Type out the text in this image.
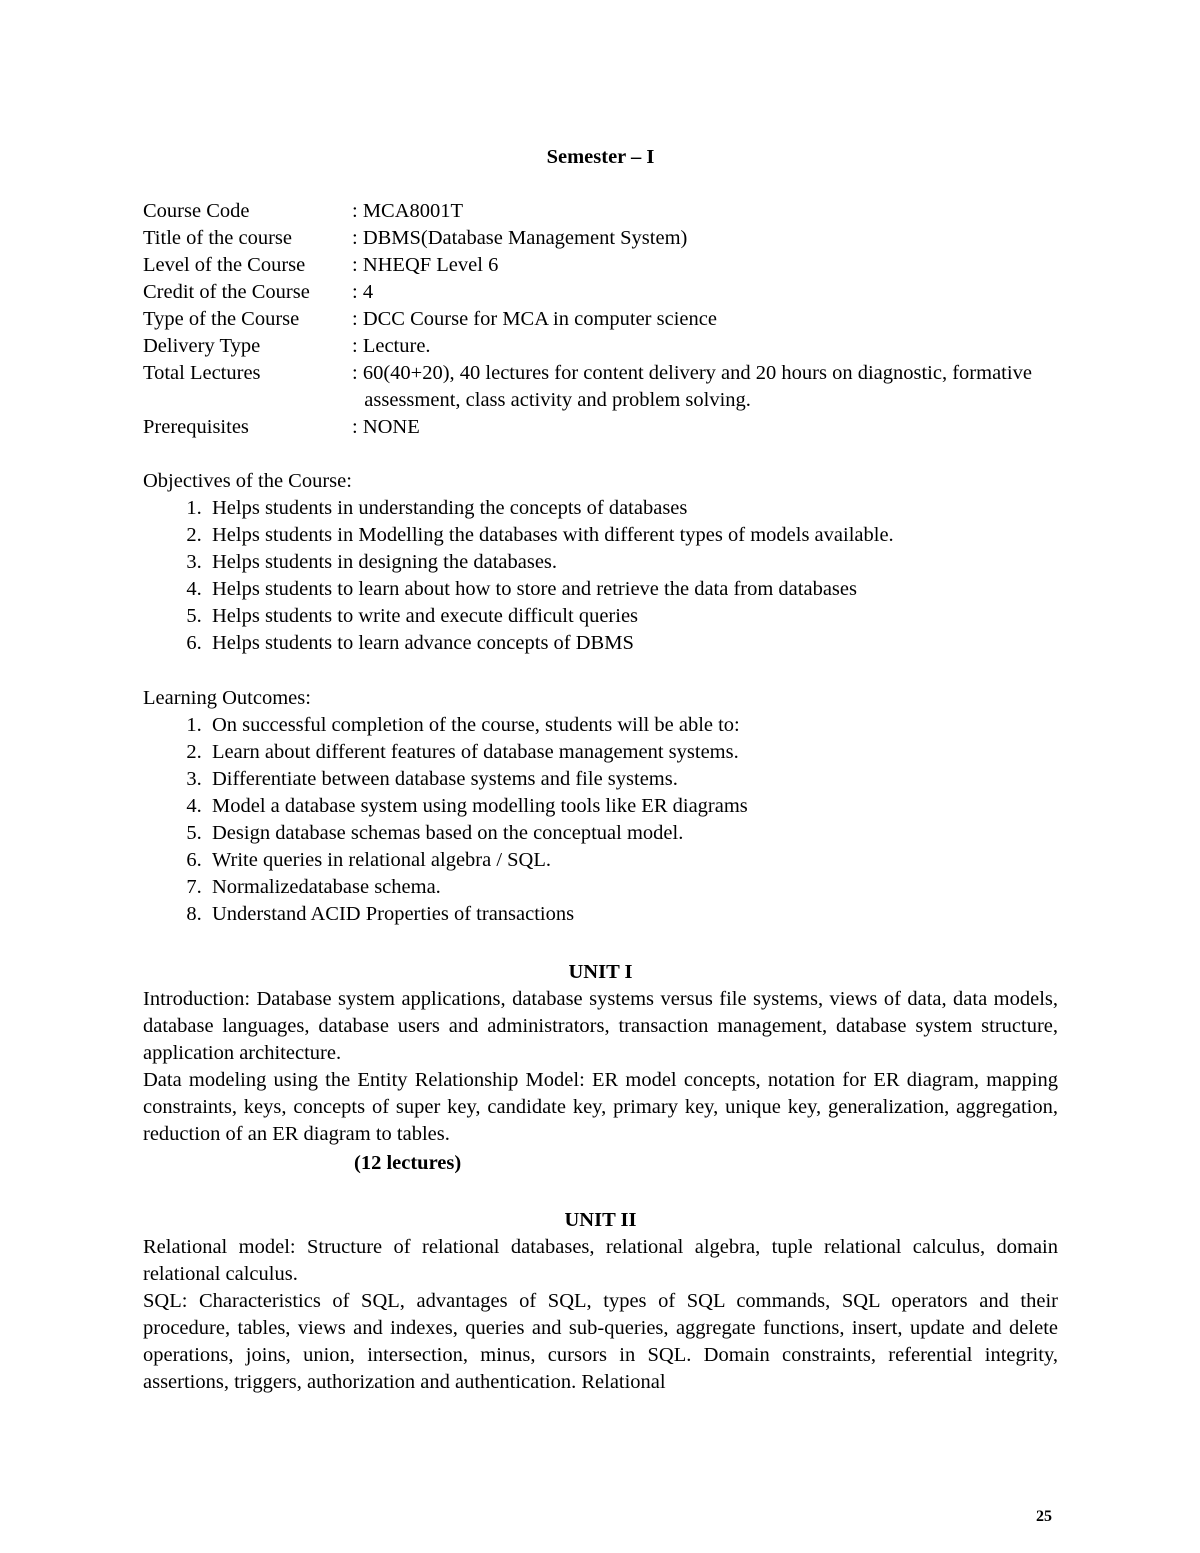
Semester – I
Course Code	: MCA8001T
Title of the course	: DBMS(Database Management System)
Level of the Course	: NHEQF Level 6
Credit of the Course	: 4
Type of the Course	: DCC Course for MCA in computer science
Delivery Type	: Lecture.
Total Lectures	: 60(40+20), 40 lectures for content delivery and 20 hours on diagnostic, formative assessment, class activity and problem solving.
Prerequisites	: NONE
Objectives of the Course:
1. Helps students in understanding the concepts of databases
2. Helps students in Modelling the databases with different types of models available.
3. Helps students in designing the databases.
4. Helps students to learn about how to store and retrieve the data from databases
5. Helps students to write and execute difficult queries
6. Helps students to learn advance concepts of DBMS
Learning Outcomes:
1. On successful completion of the course, students will be able to:
2. Learn about different features of database management systems.
3. Differentiate between database systems and file systems.
4. Model a database system using modelling tools like ER diagrams
5. Design database schemas based on the conceptual model.
6. Write queries in relational algebra / SQL.
7. Normalizedatabase schema.
8. Understand ACID Properties of transactions
UNIT I
Introduction: Database system applications, database systems versus file systems, views of data, data models, database languages, database users and administrators, transaction management, database system structure, application architecture.
Data modeling using the Entity Relationship Model: ER model concepts, notation for ER diagram, mapping constraints, keys, concepts of super key, candidate key, primary key, unique key, generalization, aggregation, reduction of an ER diagram to tables.
(12 lectures)
UNIT II
Relational model: Structure of relational databases, relational algebra, tuple relational calculus, domain relational calculus.
SQL: Characteristics of SQL, advantages of SQL, types of SQL commands, SQL operators and their procedure, tables, views and indexes, queries and sub-queries, aggregate functions, insert, update and delete operations, joins, union, intersection, minus, cursors in SQL. Domain constraints, referential integrity, assertions, triggers, authorization and authentication. Relational
25
